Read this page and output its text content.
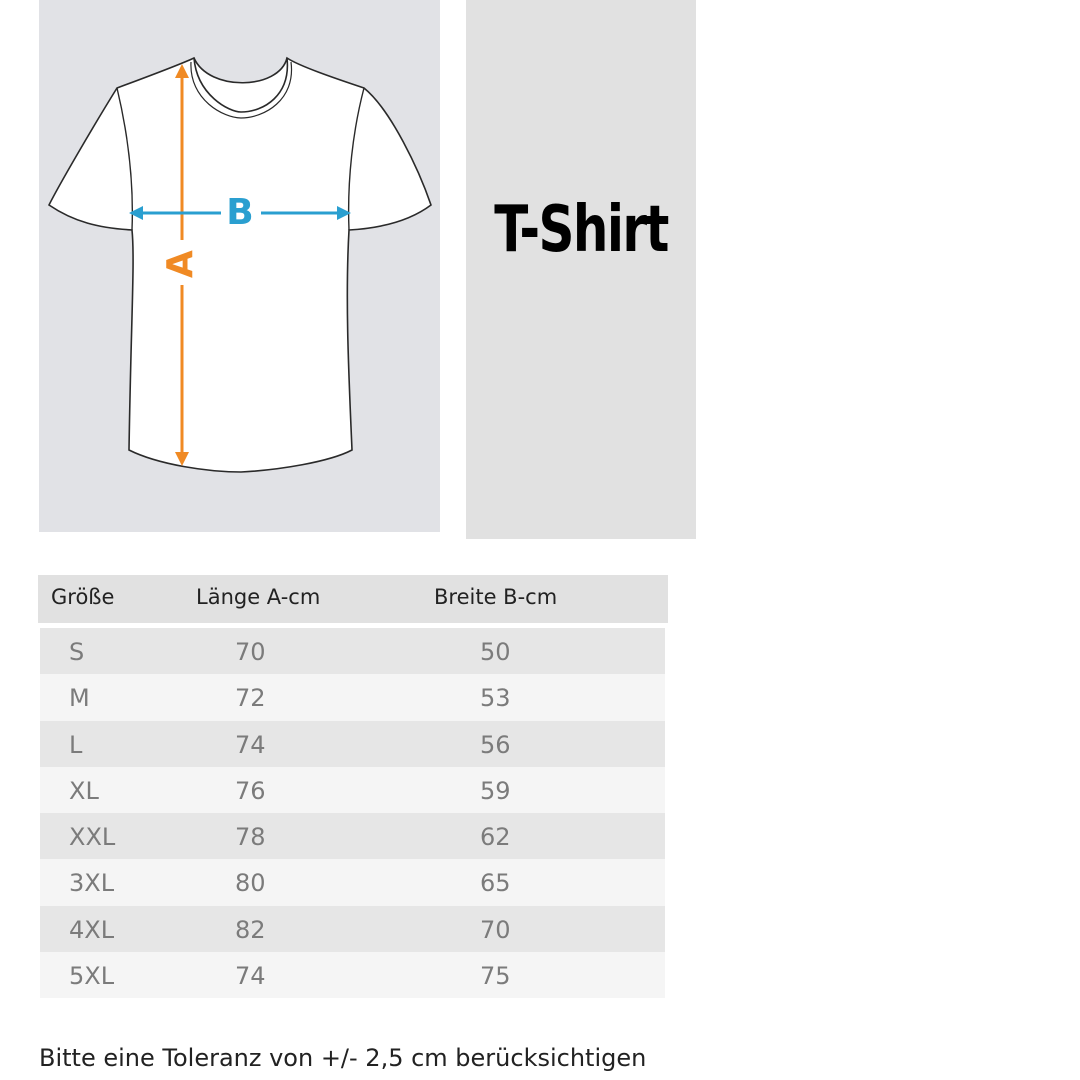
A
B	T-Shirt
Größe	Länge A-cm	Breite B-cm
S	70	50
M	72	53
L	74	56
XL	76	59
XXL	78	62
3XL	80	65
4XL	82	70
5XL	74	75
Bitte eine Toleranz von +/- 2,5 cm berücksichtigen
